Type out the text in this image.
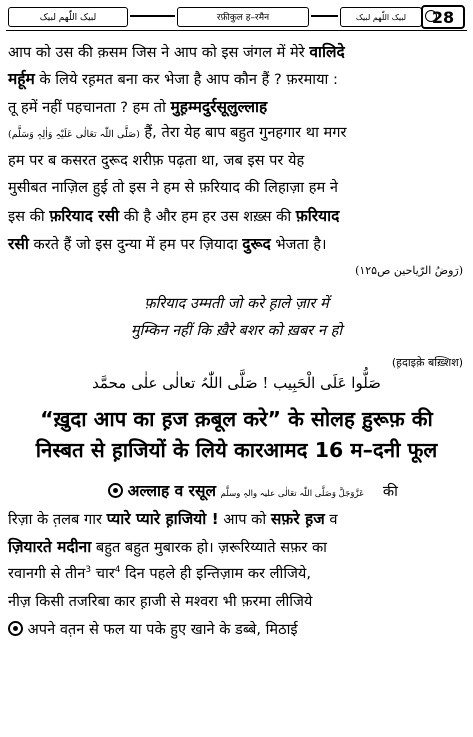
لبیک اللّٰھم لبیک	रफ़ीकुल ह–रमैन	لبیک اللّٰھم لبیک	28
आप को उस की क़सम जिस ने आप को इस जंगल में मेरे वालिदे
मर्हूम के लिये रह़मत बना कर भेजा है आप कौन हैं ? फ़रमाया :
तू हमें नहीं पहचानता ? हम तो मुह़म्मदुर्रसूलुल्लाह
(صَلَّی اللّٰہ تعَالٰی عَلَیْہِ وَاٰلِہٖ وَسَلَّم) हैं, तेरा येह बाप बहुत गुनहगार था मगर
हम पर ब कसरत दुरूद शरीफ़ पढ़ता था, जब इस पर येह
मुसीबत नाज़िल हुई तो इस ने हम से फ़रियाद की लिहाज़ा हम ने
इस की फ़रियाद रसी की है और हम हर उस शख़्स की फ़रियाद
रसी करते हैं जो इस दुन्या में हम पर ज़ियादा दुरूद भेजता है।
(رَوضُ الرّیاحین ص۱۲۵)
फ़रियाद उम्मती जो करे ह़ाले ज़ार में
मुम्किन नहीं कि ख़ैरे बशर को ख़बर न हो
(ह़दाइक़े बख़्शिश)
صَلُّوا عَلَی الْحَبِیب ! صَلَّی اللّٰہُ تعالٰی علٰی محمَّد
“ख़ुदा आप का ह़ज क़बूल करे” के सोलह ह़ुरूफ़ की
निस्बत से ह़ाजियों के लिये कारआमद 16 म–दनी फूल
अल्लाह व रसूल عَزَّوَجَلَّ وَصَلَّی اللّٰہ تعَالٰی علیہ والہٖ وسلَّم की
रिज़ा के त़लब गार प्यारे प्यारे ह़ाजियो ! आप को सफ़रे ह़ज व
ज़ियारते मदीना बहुत बहुत मुबारक हो। ज़रूरिय्याते सफ़र का
रवानगी से तीन$^3$ चार$^4$ दिन पहले ही इन्तिज़ाम कर लीजिये,
नीज़ किसी तजरिबा कार ह़ाजी से मश्वरा भी फ़रमा लीजिये
अपने वत़न से फल या पके हुए खाने के डब्बे, मिठाई
